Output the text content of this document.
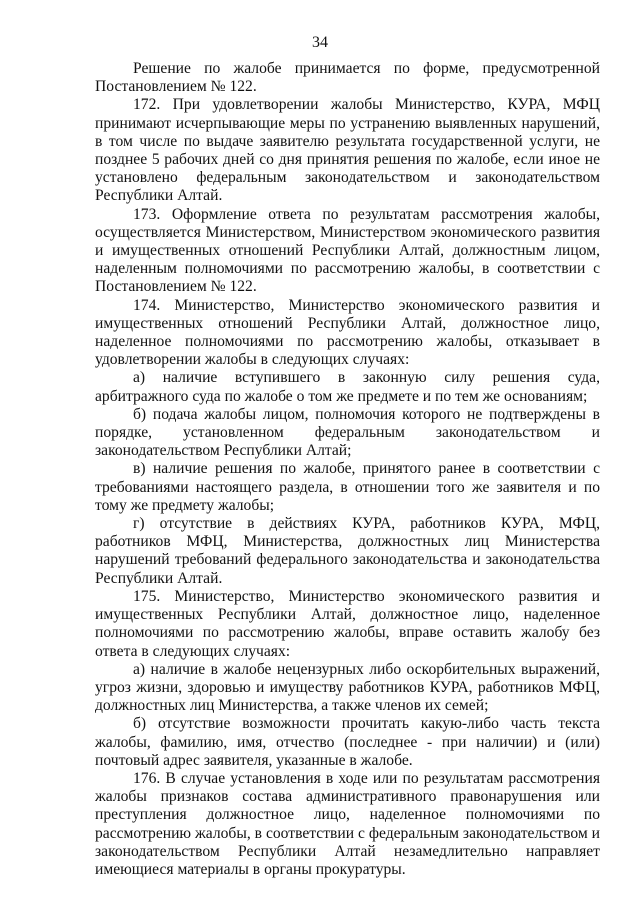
34

Решение по жалобе принимается по форме, предусмотренной Постановлением № 122.

172. При удовлетворении жалобы Министерство, КУРА, МФЦ принимают исчерпывающие меры по устранению выявленных нарушений, в том числе по выдаче заявителю результата государственной услуги, не позднее 5 рабочих дней со дня принятия решения по жалобе, если иное не установлено федеральным законодательством и законодательством Республики Алтай.

173. Оформление ответа по результатам рассмотрения жалобы, осуществляется Министерством, Министерством экономического развития и имущественных отношений Республики Алтай, должностным лицом, наделенным полномочиями по рассмотрению жалобы, в соответствии с Постановлением № 122.

174. Министерство, Министерство экономического развития и имущественных отношений Республики Алтай, должностное лицо, наделенное полномочиями по рассмотрению жалобы, отказывает в удовлетворении жалобы в следующих случаях:

а) наличие вступившего в законную силу решения суда, арбитражного суда по жалобе о том же предмете и по тем же основаниям;

б) подача жалобы лицом, полномочия которого не подтверждены в порядке, установленном федеральным законодательством и законодательством Республики Алтай;

в) наличие решения по жалобе, принятого ранее в соответствии с требованиями настоящего раздела, в отношении того же заявителя и по тому же предмету жалобы;

г) отсутствие в действиях КУРА, работников КУРА, МФЦ, работников МФЦ, Министерства, должностных лиц Министерства нарушений требований федерального законодательства и законодательства Республики Алтай.

175. Министерство, Министерство экономического развития и имущественных Республики Алтай, должностное лицо, наделенное полномочиями по рассмотрению жалобы, вправе оставить жалобу без ответа в следующих случаях:

а) наличие в жалобе нецензурных либо оскорбительных выражений, угроз жизни, здоровью и имуществу работников КУРА, работников МФЦ, должностных лиц Министерства, а также членов их семей;

б) отсутствие возможности прочитать какую-либо часть текста жалобы, фамилию, имя, отчество (последнее - при наличии) и (или) почтовый адрес заявителя, указанные в жалобе.

176. В случае установления в ходе или по результатам рассмотрения жалобы признаков состава административного правонарушения или преступления должностное лицо, наделенное полномочиями по рассмотрению жалобы, в соответствии с федеральным законодательством и законодательством Республики Алтай незамедлительно направляет имеющиеся материалы в органы прокуратуры.
